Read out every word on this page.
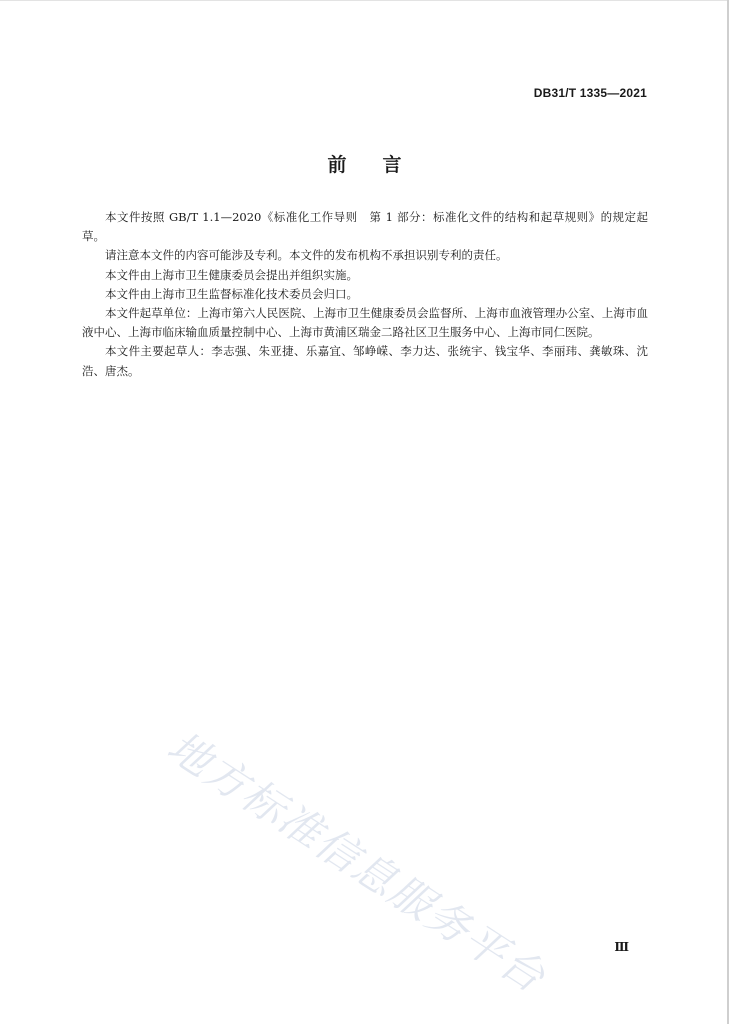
DB31/T 1335—2021
前 言

本文件按照 GB/T 1.1—2020《标准化工作导则　第 1 部分：标准化文件的结构和起草规则》的规定起草。

请注意本文件的内容可能涉及专利。本文件的发布机构不承担识别专利的责任。

本文件由上海市卫生健康委员会提出并组织实施。

本文件由上海市卫生监督标准化技术委员会归口。

本文件起草单位：上海市第六人民医院、上海市卫生健康委员会监督所、上海市血液管理办公室、上海市血液中心、上海市临床输血质量控制中心、上海市黄浦区瑞金二路社区卫生服务中心、上海市同仁医院。

本文件主要起草人：李志强、朱亚捷、乐嘉宜、邹峥嵘、李力达、张统宇、钱宝华、李丽玮、龚敏珠、沈浩、唐杰。

地方标准信息服务平台	Ⅲ
